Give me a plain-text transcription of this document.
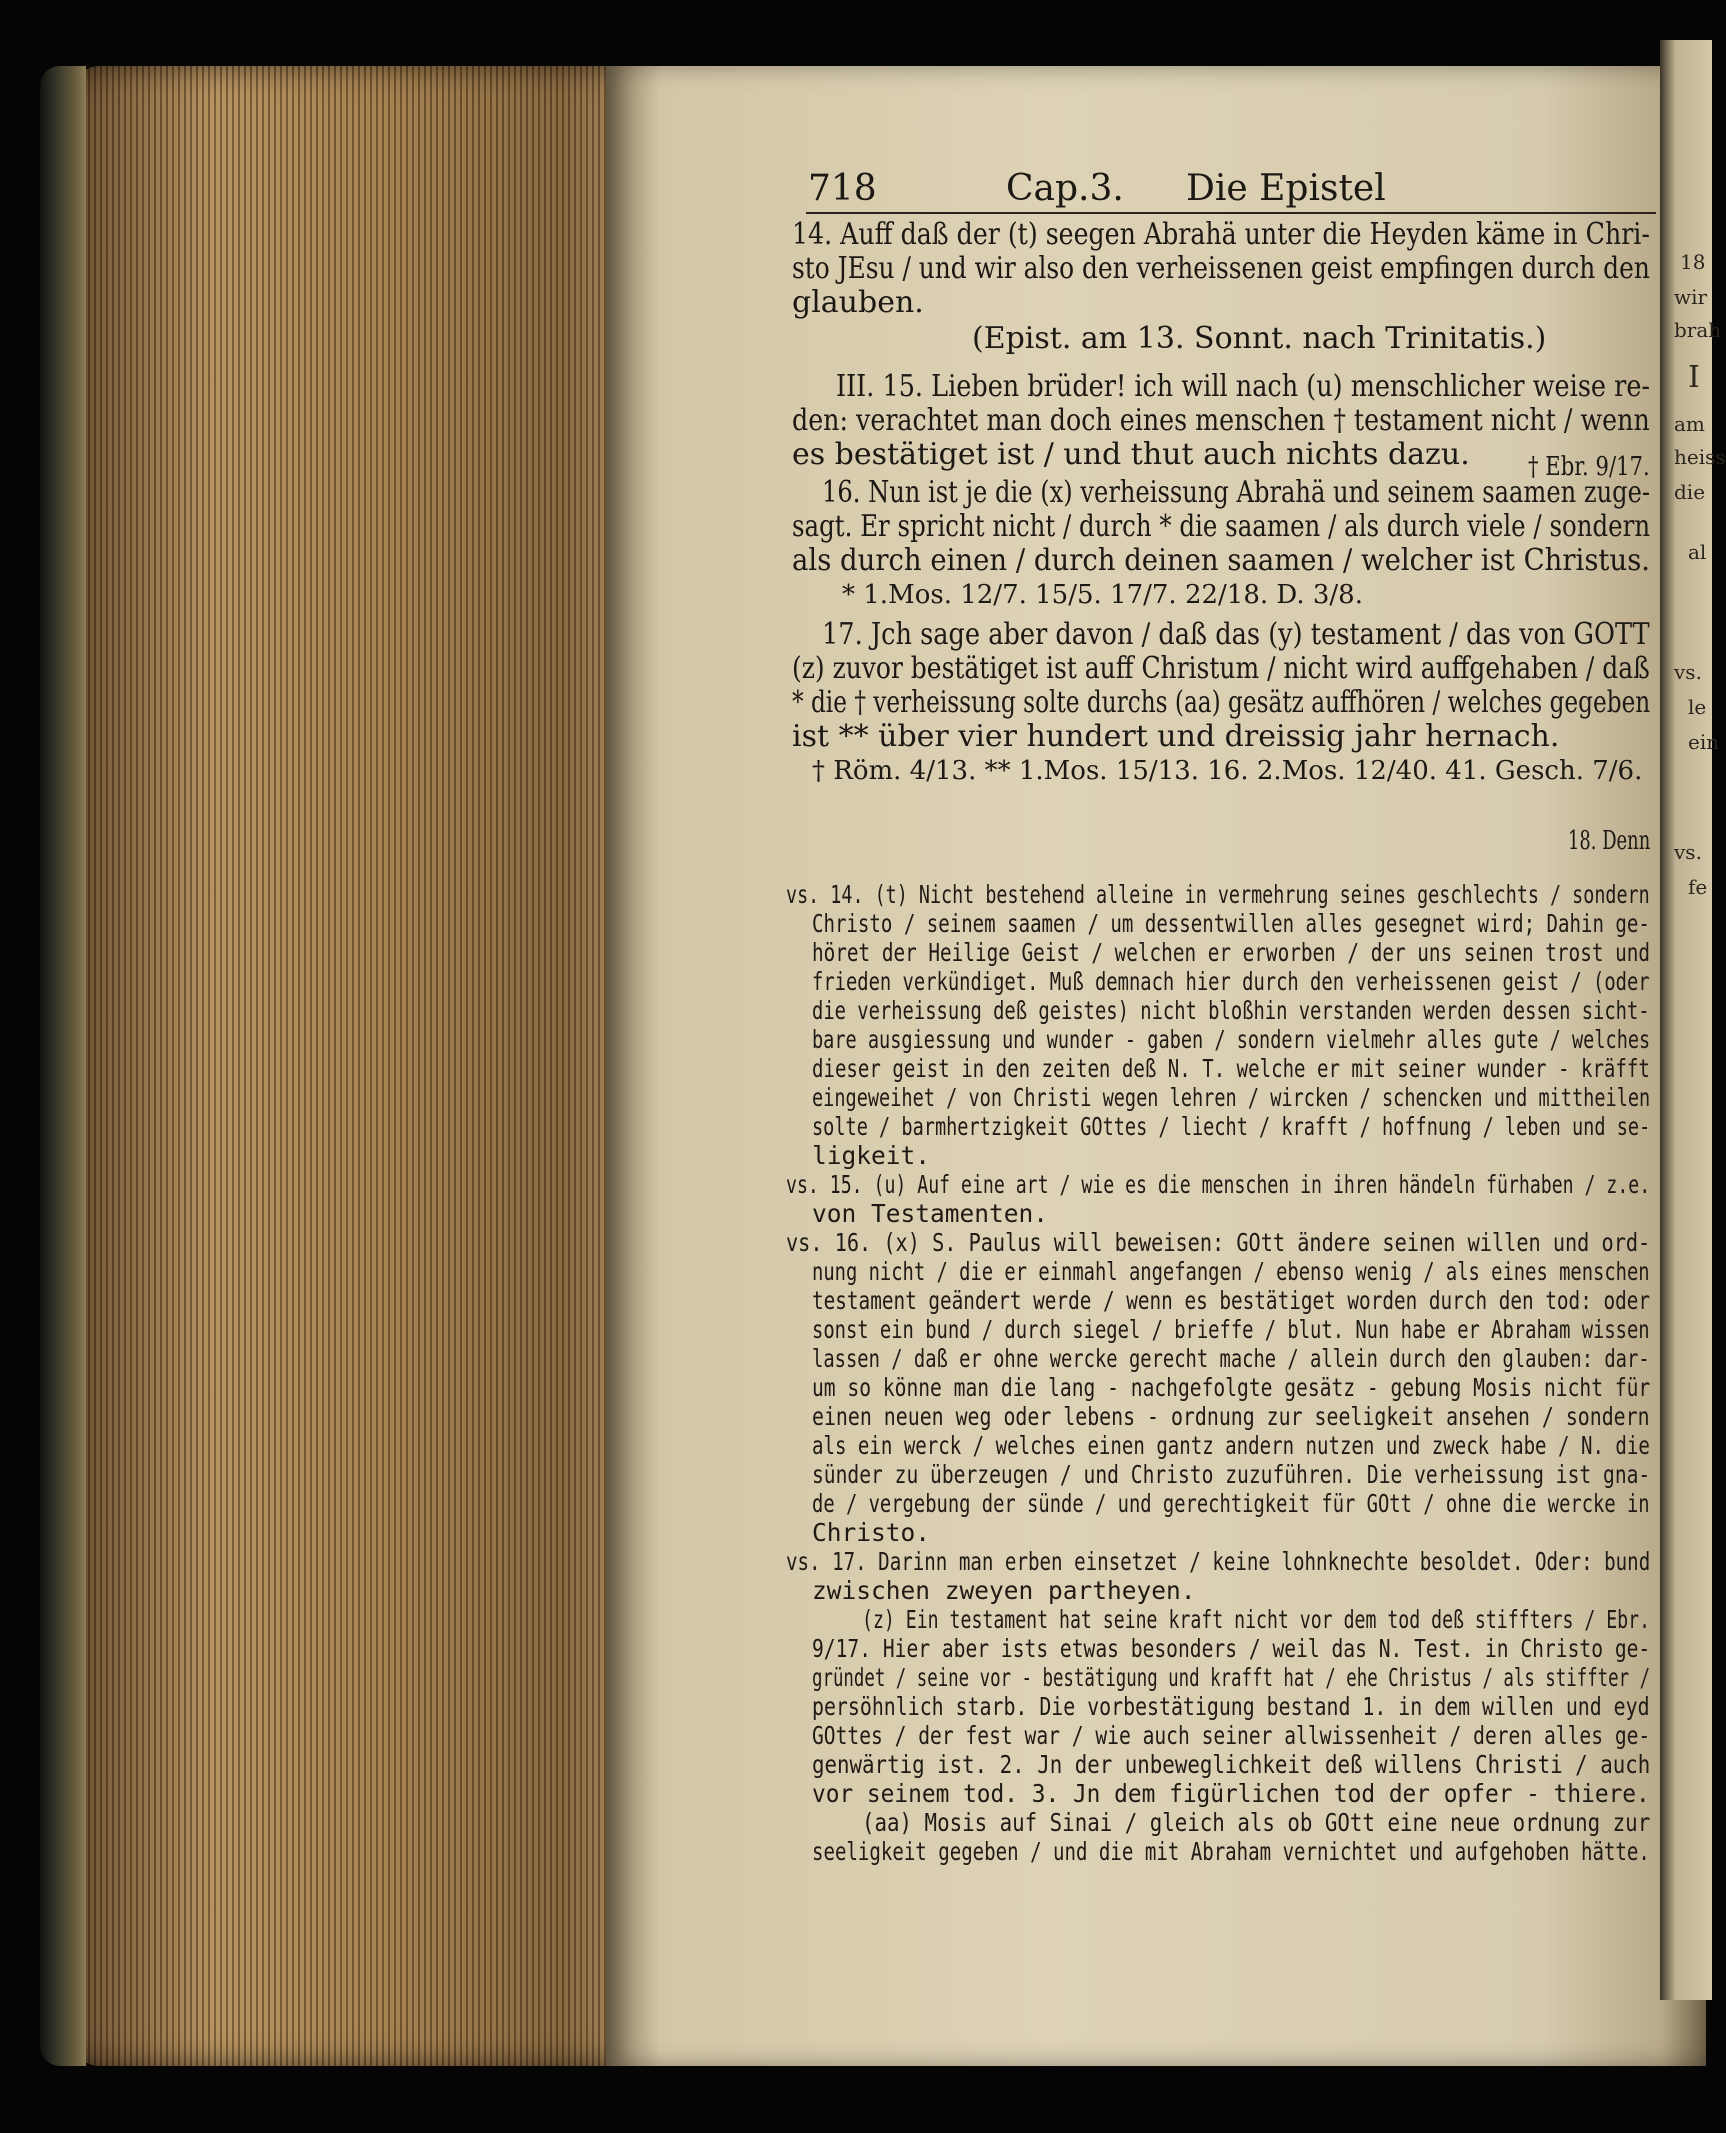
18
wir
brah
I
am
heiss
die
al
vs.
le
ein
vs.
fe
718	Cap.3. Die Epistel
14. Auff daß der (t) seegen Abrahä unter die Heyden käme in Chri-
sto JEsu / und wir also den verheissenen geist empfingen durch den
glauben.
(Epist. am 13. Sonnt. nach Trinitatis.)
III. 15. Lieben brüder! ich will nach (u) menschlicher weise re-
den: verachtet man doch eines menschen † testament nicht / wenn
es bestätiget ist / und thut auch nichts dazu. † Ebr. 9/17.
16. Nun ist je die (x) verheissung Abrahä und seinem saamen zuge-
sagt. Er spricht nicht / durch * die saamen / als durch viele / sondern
als durch einen / durch deinen saamen / welcher ist Christus.
* 1.Mos. 12/7. 15/5. 17/7. 22/18. D. 3/8.
17. Jch sage aber davon / daß das (y) testament / das von GOTT
(z) zuvor bestätiget ist auff Christum / nicht wird auffgehaben / daß
* die † verheissung solte durchs (aa) gesätz auffhören / welches gegeben
ist ** über vier hundert und dreissig jahr hernach.
† Röm. 4/13. ** 1.Mos. 15/13. 16. 2.Mos. 12/40. 41. Gesch. 7/6.
18. Denn
vs. 14. (t) Nicht bestehend alleine in vermehrung seines geschlechts / sondern
Christo / seinem saamen / um dessentwillen alles gesegnet wird; Dahin ge-
höret der Heilige Geist / welchen er erworben / der uns seinen trost und
frieden verkündiget. Muß demnach hier durch den verheissenen geist / (oder
die verheissung deß geistes) nicht bloßhin verstanden werden dessen sicht-
bare ausgiessung und wunder - gaben / sondern vielmehr alles gute / welches
dieser geist in den zeiten deß N. T. welche er mit seiner wunder - kräfft
eingeweihet / von Christi wegen lehren / wircken / schencken und mittheilen
solte / barmhertzigkeit GOttes / liecht / krafft / hoffnung / leben und se-
ligkeit.
vs. 15. (u) Auf eine art / wie es die menschen in ihren händeln fürhaben / z.e.
von Testamenten.
vs. 16. (x) S. Paulus will beweisen: GOtt ändere seinen willen und ord-
nung nicht / die er einmahl angefangen / ebenso wenig / als eines menschen
testament geändert werde / wenn es bestätiget worden durch den tod: oder
sonst ein bund / durch siegel / brieffe / blut. Nun habe er Abraham wissen
lassen / daß er ohne wercke gerecht mache / allein durch den glauben: dar-
um so könne man die lang - nachgefolgte gesätz - gebung Mosis nicht für
einen neuen weg oder lebens - ordnung zur seeligkeit ansehen / sondern
als ein werck / welches einen gantz andern nutzen und zweck habe / N. die
sünder zu überzeugen / und Christo zuzuführen. Die verheissung ist gna-
de / vergebung der sünde / und gerechtigkeit für GOtt / ohne die wercke in
Christo.
vs. 17. Darinn man erben einsetzet / keine lohnknechte besoldet. Oder: bund
zwischen zweyen partheyen.
(z) Ein testament hat seine kraft nicht vor dem tod deß stiffters / Ebr.
9/17. Hier aber ists etwas besonders / weil das N. Test. in Christo ge-
gründet / seine vor - bestätigung und krafft hat / ehe Christus / als stiffter /
persöhnlich starb. Die vorbestätigung bestand 1. in dem willen und eyd
GOttes / der fest war / wie auch seiner allwissenheit / deren alles ge-
genwärtig ist. 2. Jn der unbeweglichkeit deß willens Christi / auch
vor seinem tod. 3. Jn dem figürlichen tod der opfer - thiere.
(aa) Mosis auf Sinai / gleich als ob GOtt eine neue ordnung zur
seeligkeit gegeben / und die mit Abraham vernichtet und aufgehoben hätte.
